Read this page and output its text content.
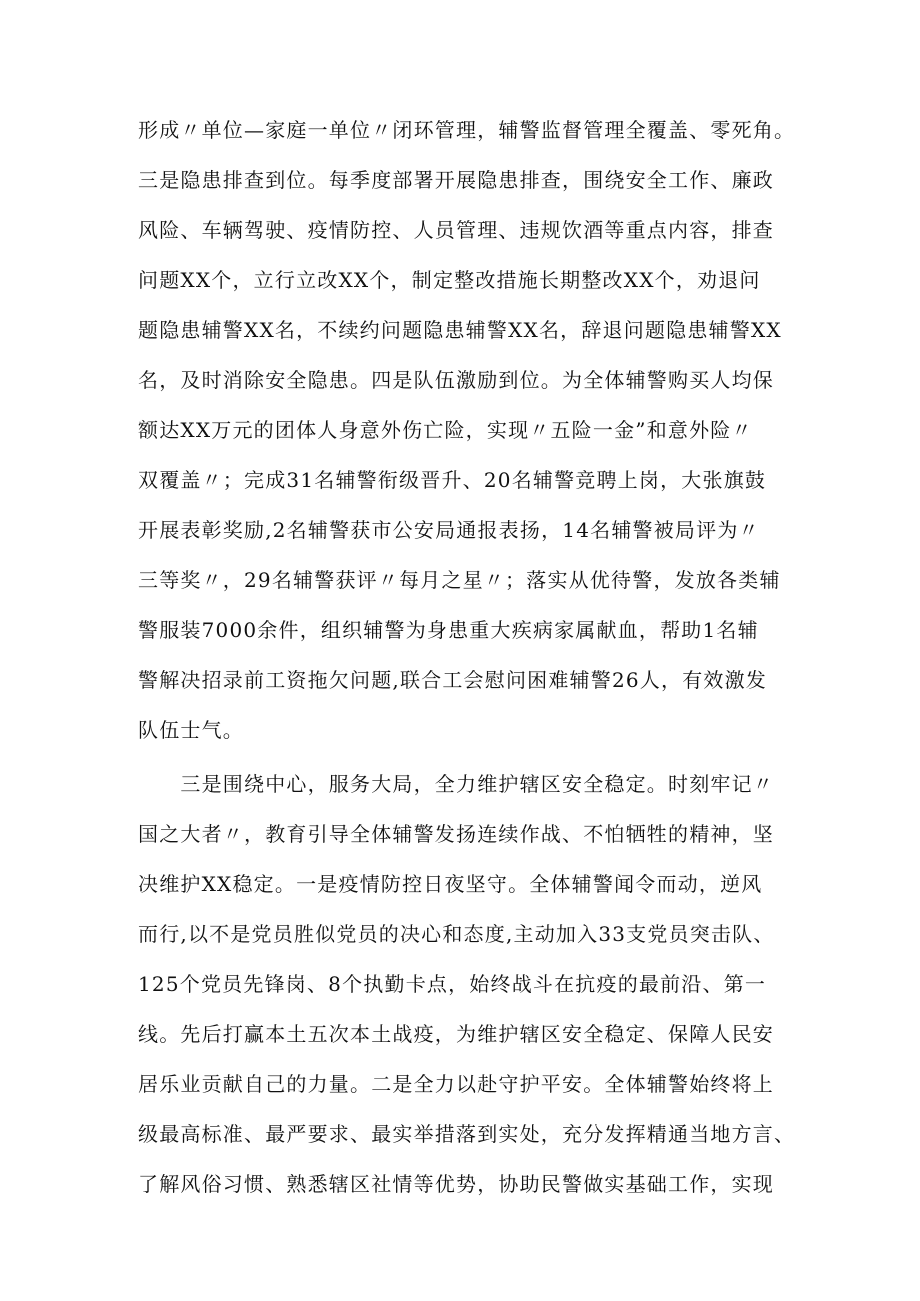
形成〃单位—家庭一单位〃闭环管理，辅警监督管理全覆盖、零死角。
三是隐患排查到位。每季度部署开展隐患排查，围绕安全工作、廉政
风险、车辆驾驶、疫情防控、人员管理、违规饮酒等重点内容，排查
问题XX个，立行立改XX个，制定整改措施长期整改XX个，劝退问
题隐患辅警XX名，不续约问题隐患辅警XX名，辞退问题隐患辅警XX
名，及时消除安全隐患。四是队伍激励到位。为全体辅警购买人均保
额达XX万元的团体人身意外伤亡险，实现〃五险一金”和意外险〃
双覆盖〃；完成31名辅警衔级晋升、20名辅警竞聘上岗，大张旗鼓
开展表彰奖励,2名辅警获市公安局通报表扬，14名辅警被局评为〃
三等奖〃，29名辅警获评〃每月之星〃；落实从优待警，发放各类辅
警服装7000余件，组织辅警为身患重大疾病家属献血，帮助1名辅
警解决招录前工资拖欠问题,联合工会慰问困难辅警26人，有效激发
队伍士气。
　　三是围绕中心，服务大局，全力维护辖区安全稳定。时刻牢记〃
国之大者〃，教育引导全体辅警发扬连续作战、不怕牺牲的精神，坚
决维护XX稳定。一是疫情防控日夜坚守。全体辅警闻令而动，逆风
而行,以不是党员胜似党员的决心和态度,主动加入33支党员突击队、
125个党员先锋岗、8个执勤卡点，始终战斗在抗疫的最前沿、第一
线。先后打赢本土五次本土战疫，为维护辖区安全稳定、保障人民安
居乐业贡献自己的力量。二是全力以赴守护平安。全体辅警始终将上
级最高标准、最严要求、最实举措落到实处，充分发挥精通当地方言、
了解风俗习惯、熟悉辖区社情等优势，协助民警做实基础工作，实现
